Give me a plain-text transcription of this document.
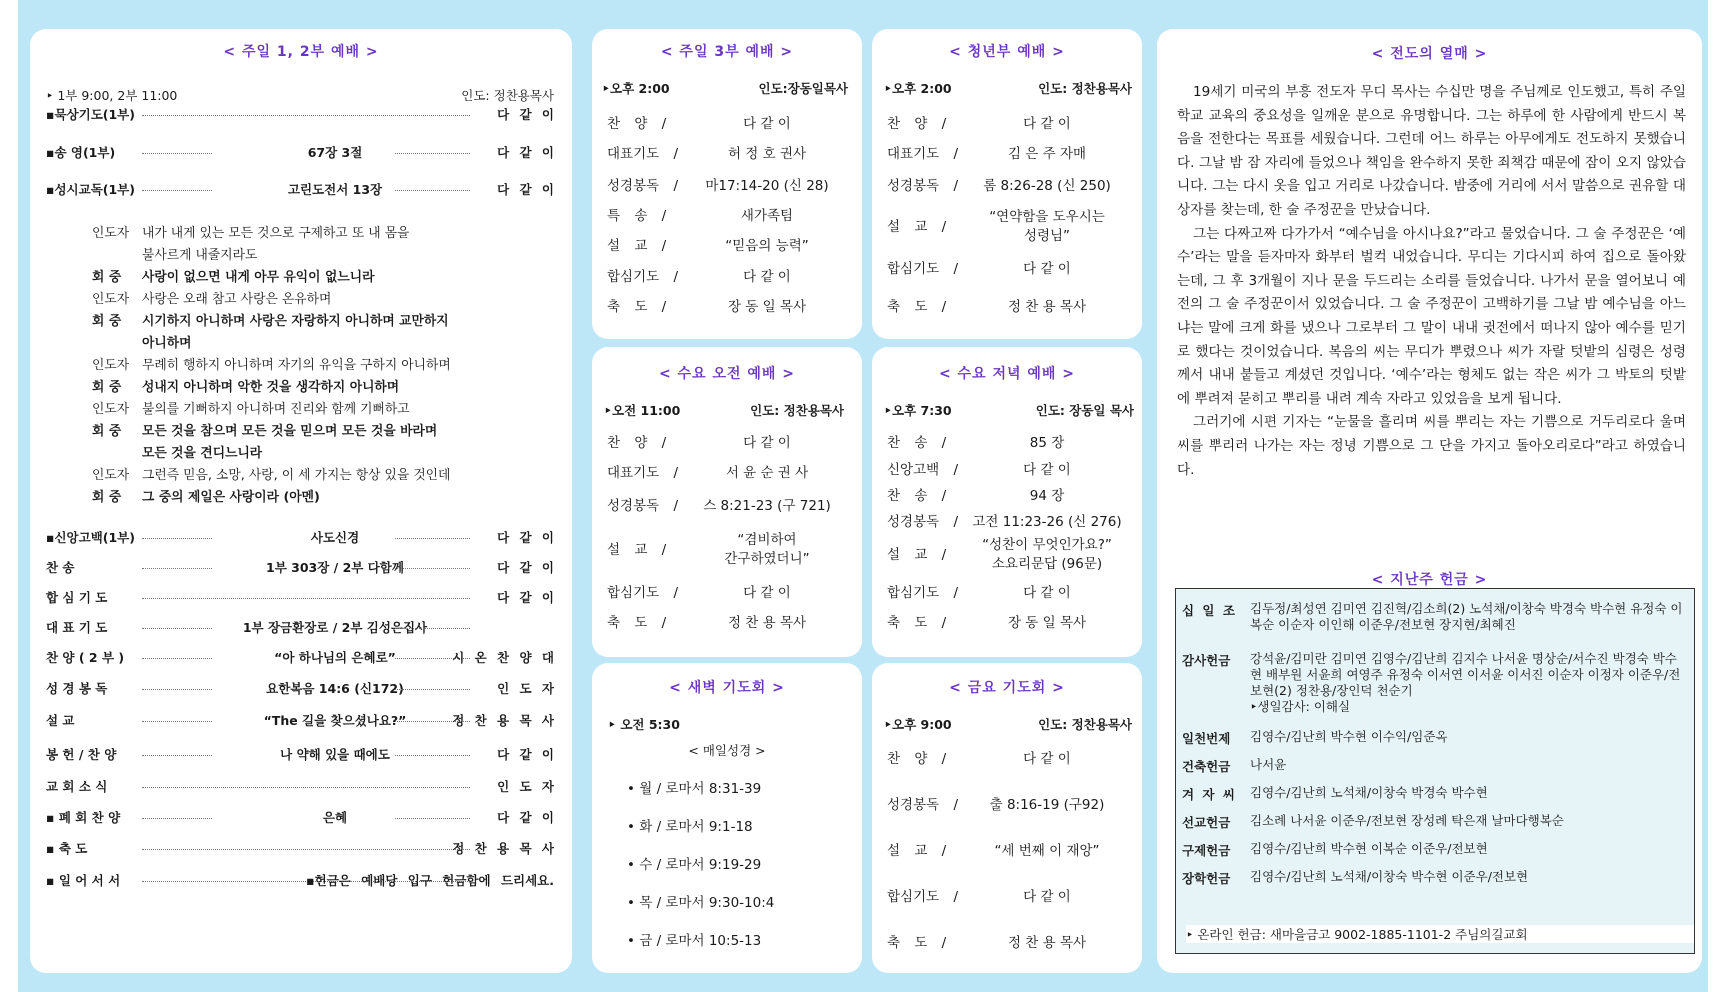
< 주일 1, 2부 예배 >
‣ 1부 9:00, 2부 11:00	인도: 정찬용목사
▪묵상기도(1부)	다 같 이
▪송 영(1부)	67장 3절	다 같 이
▪성시교독(1부)	고린도전서 13장	다 같 이
인도자 내가 내게 있는 모든 것으로 구제하고 또 내 몸을
불사르게 내줄지라도
회 중 사랑이 없으면 내게 아무 유익이 없느니라
인도자 사랑은 오래 참고 사랑은 온유하며
회 중 시기하지 아니하며 사랑은 자랑하지 아니하며 교만하지
아니하며
인도자 무례히 행하지 아니하며 자기의 유익을 구하지 아니하며
회 중 성내지 아니하며 악한 것을 생각하지 아니하며
인도자 불의를 기뻐하지 아니하며 진리와 함께 기뻐하고
회 중 모든 것을 참으며 모든 것을 믿으며 모든 것을 바라며
모든 것을 견디느니라
인도자 그런즉 믿음, 소망, 사랑, 이 세 가지는 항상 있을 것인데
회 중 그 중의 제일은 사랑이라 (아멘)
▪신앙고백(1부)	사도신경	다 같 이
찬 송	1부 303장 / 2부 다함께	다 같 이
합 심 기 도	다 같 이
대 표 기 도	1부 장금환장로 / 2부 김성은집사
찬 양 ( 2 부 )	“아 하나님의 은혜로”	시 온 찬 양 대
성 경 봉 독	요한복음 14:6 (신172)	인 도 자
설 교	“The 길을 찾으셨나요?”	정 찬 용 목 사
봉 헌 / 찬 양	나 약해 있을 때에도	다 같 이
교 회 소 식	인 도 자
▪ 폐 회 찬 양	은혜	다 같 이
▪ 축 도	정 찬 용 목 사
▪ 일 어 서 서	▪헌금은 예배당 입구 헌금함에 드리세요.
< 주일 3부 예배 >
‣오후 2:00	인도:장동일목사
찬 양 /	다 같 이
대표기도 /	허 정 호 권사
성경봉독 /	마17:14-20 (신 28)
특 송 /	새가족팀
설 교 /	“믿음의 능력”
합심기도 /	다 같 이
축 도 /	장 동 일 목사
< 청년부 예배 >
‣오후 2:00	인도: 정찬용목사
찬 양 /	다 같 이
대표기도 /	김 은 주 자매
성경봉독 /	롬 8:26-28 (신 250)
설 교 /
“연약함을 도우시는
성령님”
합심기도 /	다 같 이
축 도 /	정 찬 용 목사
< 수요 오전 예배 >
‣오전 11:00	인도: 정찬용목사
찬 양 /	다 같 이
대표기도 /	서 윤 순 권 사
성경봉독 /	스 8:21-23 (구 721)
설 교 /
“겸비하여
간구하였더니”
합심기도 /	다 같 이
축 도 /	정 찬 용 목사
< 수요 저녁 예배 >
‣오후 7:30	인도: 장동일 목사
찬 송 /	85 장
신앙고백 /	다 같 이
찬 송 /	94 장
성경봉독 /	고전 11:23-26 (신 276)
설 교 /
“성찬이 무엇인가요?”
소요리문답 (96문)
합심기도 /	다 같 이
축 도 /	장 동 일 목사
< 새벽 기도회 >
‣ 오전 5:30
< 매일성경 >
• 월 / 로마서 8:31-39
• 화 / 로마서 9:1-18
• 수 / 로마서 9:19-29
• 목 / 로마서 9:30-10:4
• 금 / 로마서 10:5-13
< 금요 기도회 >
‣오후 9:00	인도: 정찬용목사
찬 양 /	다 같 이
성경봉독 /	출 8:16-19 (구92)
설 교 /	“세 번째 이 재앙”
합심기도 /	다 같 이
축 도 /	정 찬 용 목사
< 전도의 열매 >
19세기 미국의 부흥 전도자 무디 목사는 수십만 명을 주님께로 인도했고, 특히 주일학교 교육의 중요성을 일깨운 분으로 유명합니다. 그는 하루에 한 사람에게 반드시 복음을 전한다는 목표를 세웠습니다. 그런데 어느 하루는 아무에게도 전도하지 못했습니다. 그날 밤 잠 자리에 들었으나 책임을 완수하지 못한 죄책감 때문에 잠이 오지 않았습니다. 그는 다시 옷을 입고 거리로 나갔습니다. 밤중에 거리에 서서 말씀으로 권유할 대상자를 찾는데, 한 술 주정꾼을 만났습니다.
그는 다짜고짜 다가가서 “예수님을 아시나요?”라고 물었습니다. 그 술 주정꾼은 ‘예수’라는 말을 듣자마자 화부터 벌컥 내었습니다. 무디는 기다시피 하여 집으로 돌아왔는데, 그 후 3개월이 지나 문을 두드리는 소리를 들었습니다. 나가서 문을 열어보니 예전의 그 술 주정꾼이서 있었습니다. 그 술 주정꾼이 고백하기를 그날 밤 예수님을 아느냐는 말에 크게 화를 냈으나 그로부터 그 말이 내내 귓전에서 떠나지 않아 예수를 믿기로 했다는 것이었습니다. 복음의 씨는 무디가 뿌렸으나 씨가 자랄 텃밭의 심령은 성령께서 내내 붙들고 계셨던 것입니다. ‘예수’라는 형체도 없는 작은 씨가 그 박토의 텃밭에 뿌려져 묻히고 뿌리를 내려 계속 자라고 있었음을 보게 됩니다.
그러기에 시편 기자는 “눈물을 흘리며 씨를 뿌리는 자는 기쁨으로 거두리로다 울며 씨를 뿌리러 나가는 자는 정녕 기쁨으로 그 단을 가지고 돌아오리로다”라고 하였습니다.
< 지난주 헌금 >
십 일 조 김두정/최성연 김미연 김진혁/김소희(2) 노석채/이창숙 박경숙 박수현 유정숙 이복순 이순자 이인해 이준우/전보현 장지현/최혜진
감사헌금 강석윤/김미란 김미연 김영수/김난희 김지수 나서윤 명상순/서수진 박경숙 박수현 배부원 서윤희 여영주 유정숙 이서연 이서윤 이서진 이순자 이정자 이준우/전보현(2) 정찬용/장인덕 천순기
‣생일감사: 이해실
일천번제 김영수/김난희 박수현 이수익/임준옥
건축헌금 나서윤
겨 자 씨 김영수/김난희 노석채/이창숙 박경숙 박수현
선교헌금 김소례 나서윤 이준우/전보현 장성례 탁은재 날마다행복순
구제헌금 김영수/김난희 박수현 이복순 이준우/전보현
장학헌금 김영수/김난희 노석채/이창숙 박수현 이준우/전보현
‣ 온라인 헌금: 새마을금고 9002-1885-1101-2 주님의길교회
